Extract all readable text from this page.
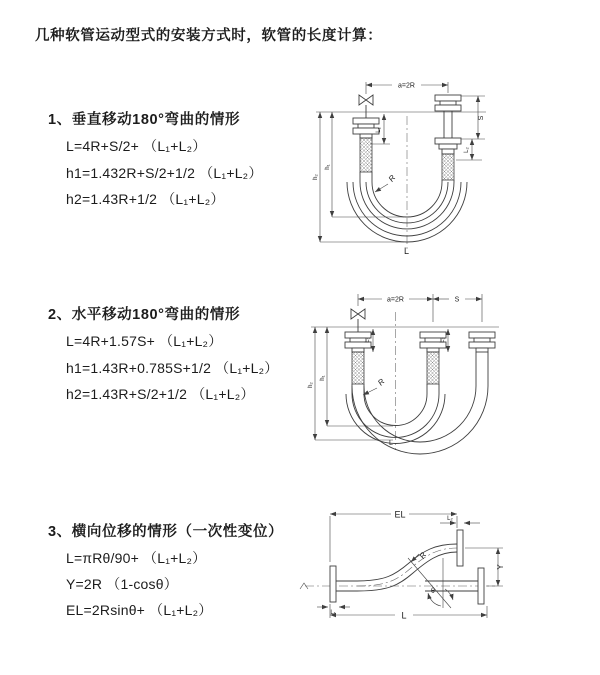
几种软管运动型式的安装方式时，软管的长度计算：
1、垂直移动180°弯曲的情形
L=4R+S/2+ （L₁+L₂）
h1=1.432R+S/2+1/2 （L₁+L₂）
h2=1.43R+1/2 （L₁+L₂）
2、水平移动180°弯曲的情形
L=4R+1.57S+ （L₁+L₂）
h1=1.43R+0.785S+1/2 （L₁+L₂）
h2=1.43R+S/2+1/2 （L₁+L₂）
3、横向位移的情形（一次性变位）
L=πRθ/90+ （L₁+L₂）
Y=2R （1-cosθ）
EL=2Rsinθ+ （L₁+L₂）
a=2R
h₁
h₂
L₁
S
L₂
R
L
a=2R	S
h₁
h₂
L₁	L₂
R
L
EL	L₂
Y
θ
R
L₁	L
